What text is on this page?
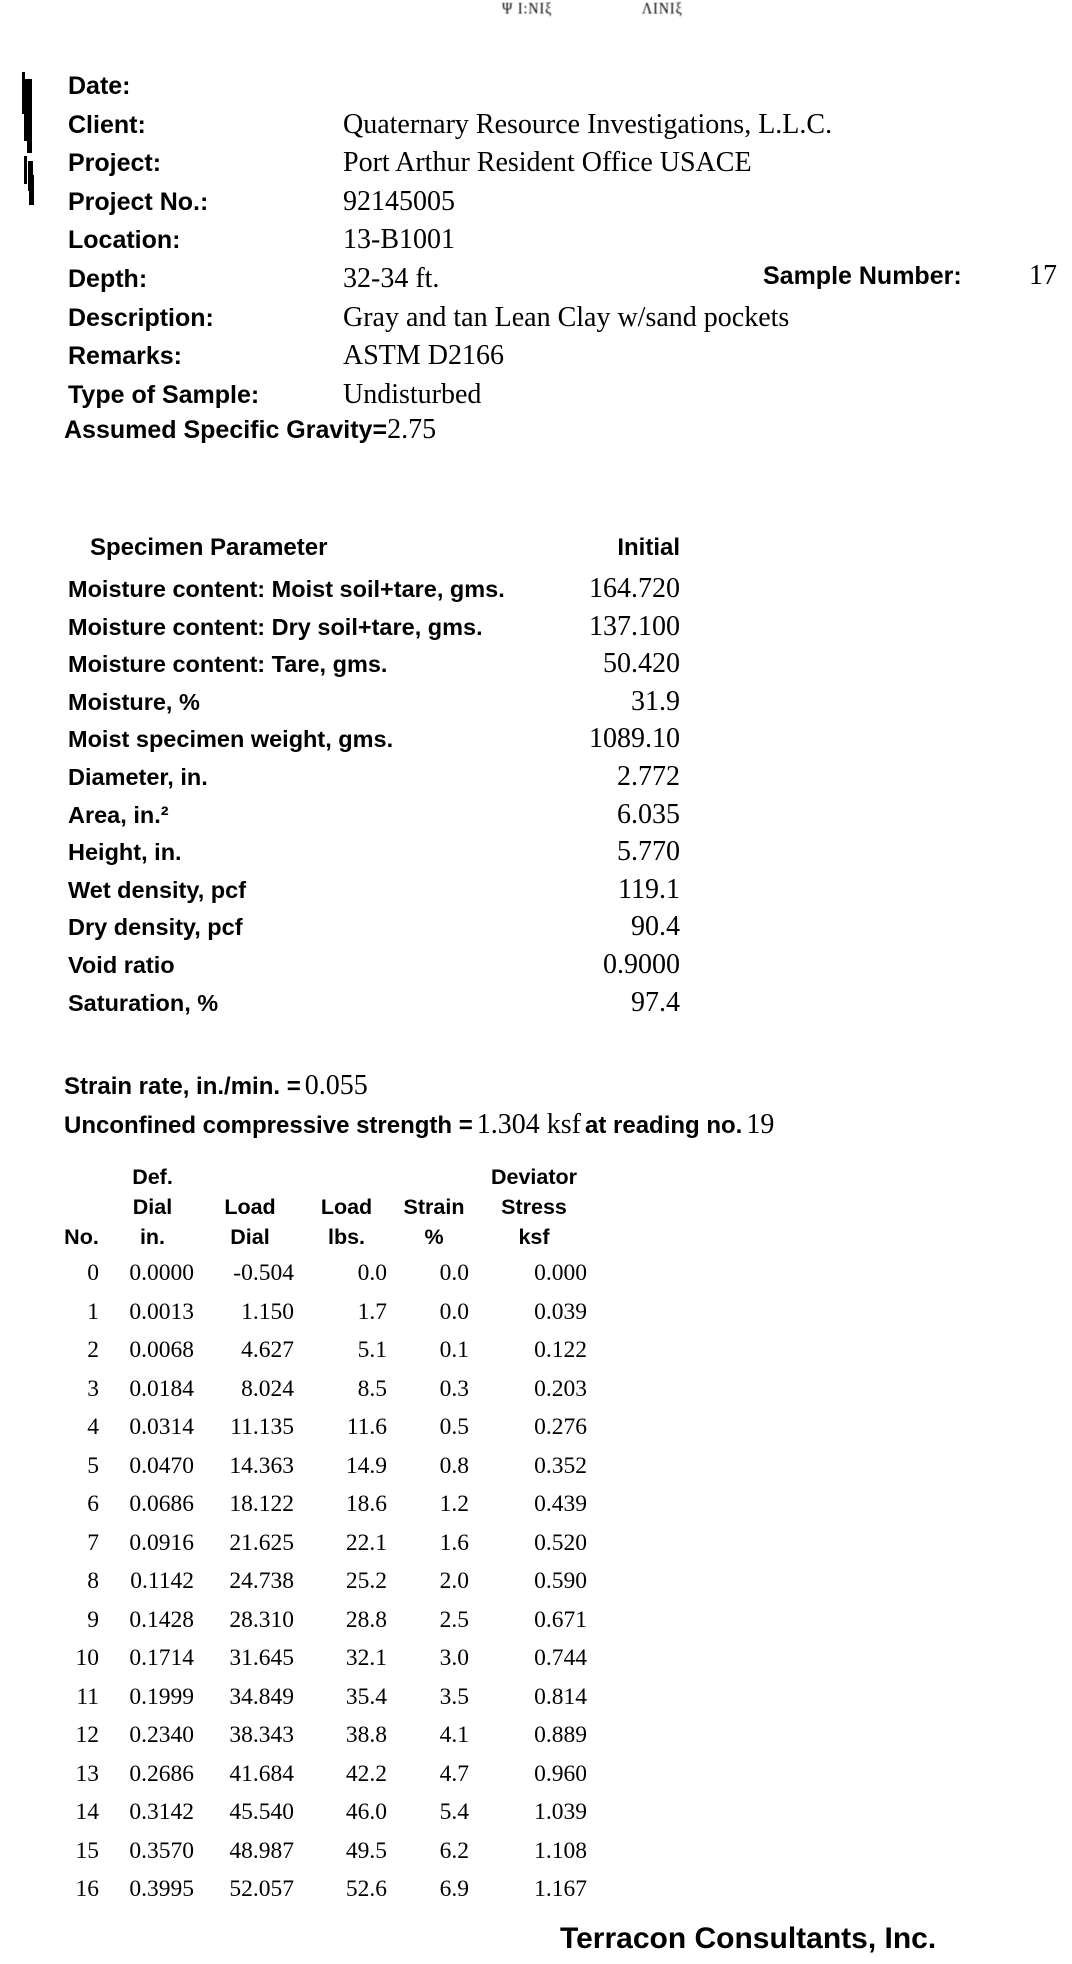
Ψ Ι:ΝΙξ	ΛΙΝΙξ
Date:
Client:	Quaternary Resource Investigations, L.L.C.
Project:	Port Arthur Resident Office USACE
Project No.:	92145005
Location:	13-B1001
Depth:	32-34 ft.
Description:	Gray and tan Lean Clay w/sand pockets
Remarks:	ASTM D2166
Type of Sample:	Undisturbed
Sample Number: 17
Assumed Specific Gravity=2.75
Specimen Parameter	Initial
Moisture content: Moist soil+tare, gms.	164.720
Moisture content: Dry soil+tare, gms.	137.100
Moisture content: Tare, gms.	50.420
Moisture, %	31.9
Moist specimen weight, gms.	1089.10
Diameter, in.	2.772
Area, in.²	6.035
Height, in.	5.770
Wet density, pcf	119.1
Dry density, pcf	90.4
Void ratio	0.9000
Saturation, %	97.4
Strain rate, in./min. = 0.055
Unconfined compressive strength = 1.304 ksf at reading no. 19
Def.	Deviator
Dial	Load	Load	Strain	Stress
No.	in.	Dial	lbs.	%	ksf
0	0.0000	-0.504	0.0	0.0	0.000
1	0.0013	1.150	1.7	0.0	0.039
2	0.0068	4.627	5.1	0.1	0.122
3	0.0184	8.024	8.5	0.3	0.203
4	0.0314	11.135	11.6	0.5	0.276
5	0.0470	14.363	14.9	0.8	0.352
6	0.0686	18.122	18.6	1.2	0.439
7	0.0916	21.625	22.1	1.6	0.520
8	0.1142	24.738	25.2	2.0	0.590
9	0.1428	28.310	28.8	2.5	0.671
10	0.1714	31.645	32.1	3.0	0.744
11	0.1999	34.849	35.4	3.5	0.814
12	0.2340	38.343	38.8	4.1	0.889
13	0.2686	41.684	42.2	4.7	0.960
14	0.3142	45.540	46.0	5.4	1.039
15	0.3570	48.987	49.5	6.2	1.108
16	0.3995	52.057	52.6	6.9	1.167
Terracon Consultants, Inc.
